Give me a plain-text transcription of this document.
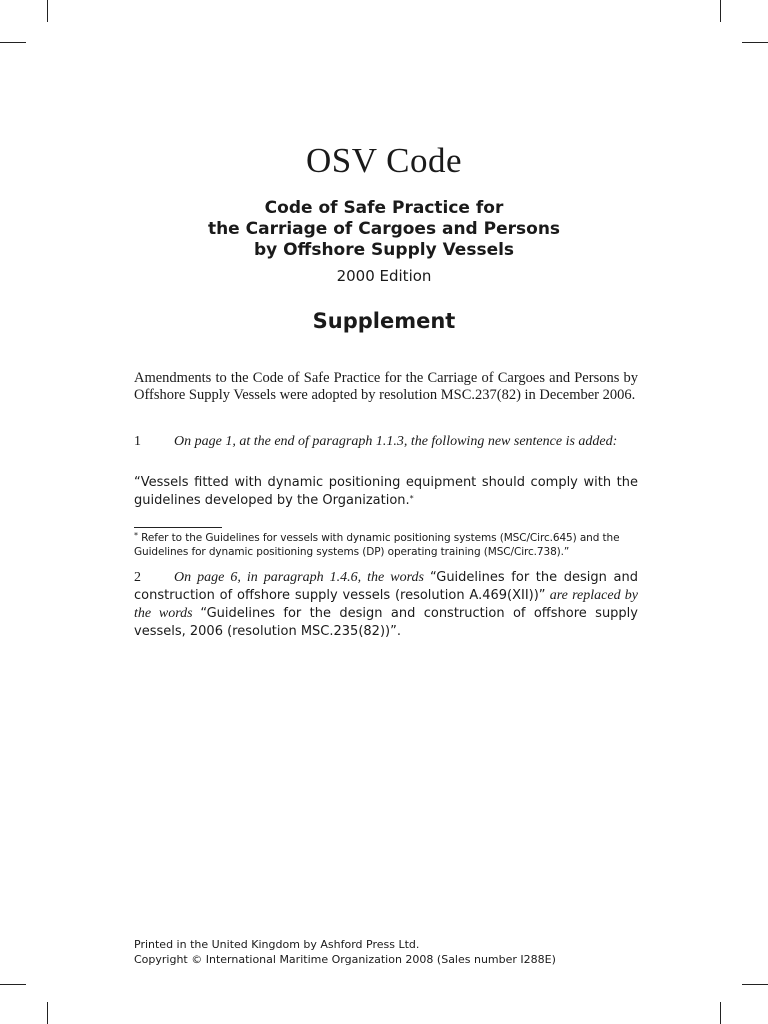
OSV Code
Code of Safe Practice for
the Carriage of Cargoes and Persons
by Offshore Supply Vessels
2000 Edition
Supplement
Amendments to the Code of Safe Practice for the Carriage of Cargoes and Persons by Offshore Supply Vessels were adopted by resolution MSC.237(82) in December 2006.
1 On page 1, at the end of paragraph 1.1.3, the following new sentence is added:
“Vessels fitted with dynamic positioning equipment should comply with the guidelines developed by the Organization.*
* Refer to the Guidelines for vessels with dynamic positioning systems (MSC/Circ.645) and the Guidelines for dynamic positioning systems (DP) operating training (MSC/Circ.738).”
2 On page 6, in paragraph 1.4.6, the words “Guidelines for the design and construction of offshore supply vessels (resolution A.469(XII))” are replaced by the words “Guidelines for the design and construction of offshore supply vessels, 2006 (resolution MSC.235(82))”.
Printed in the United Kingdom by Ashford Press Ltd.
Copyright © International Maritime Organization 2008 (Sales number I288E)
